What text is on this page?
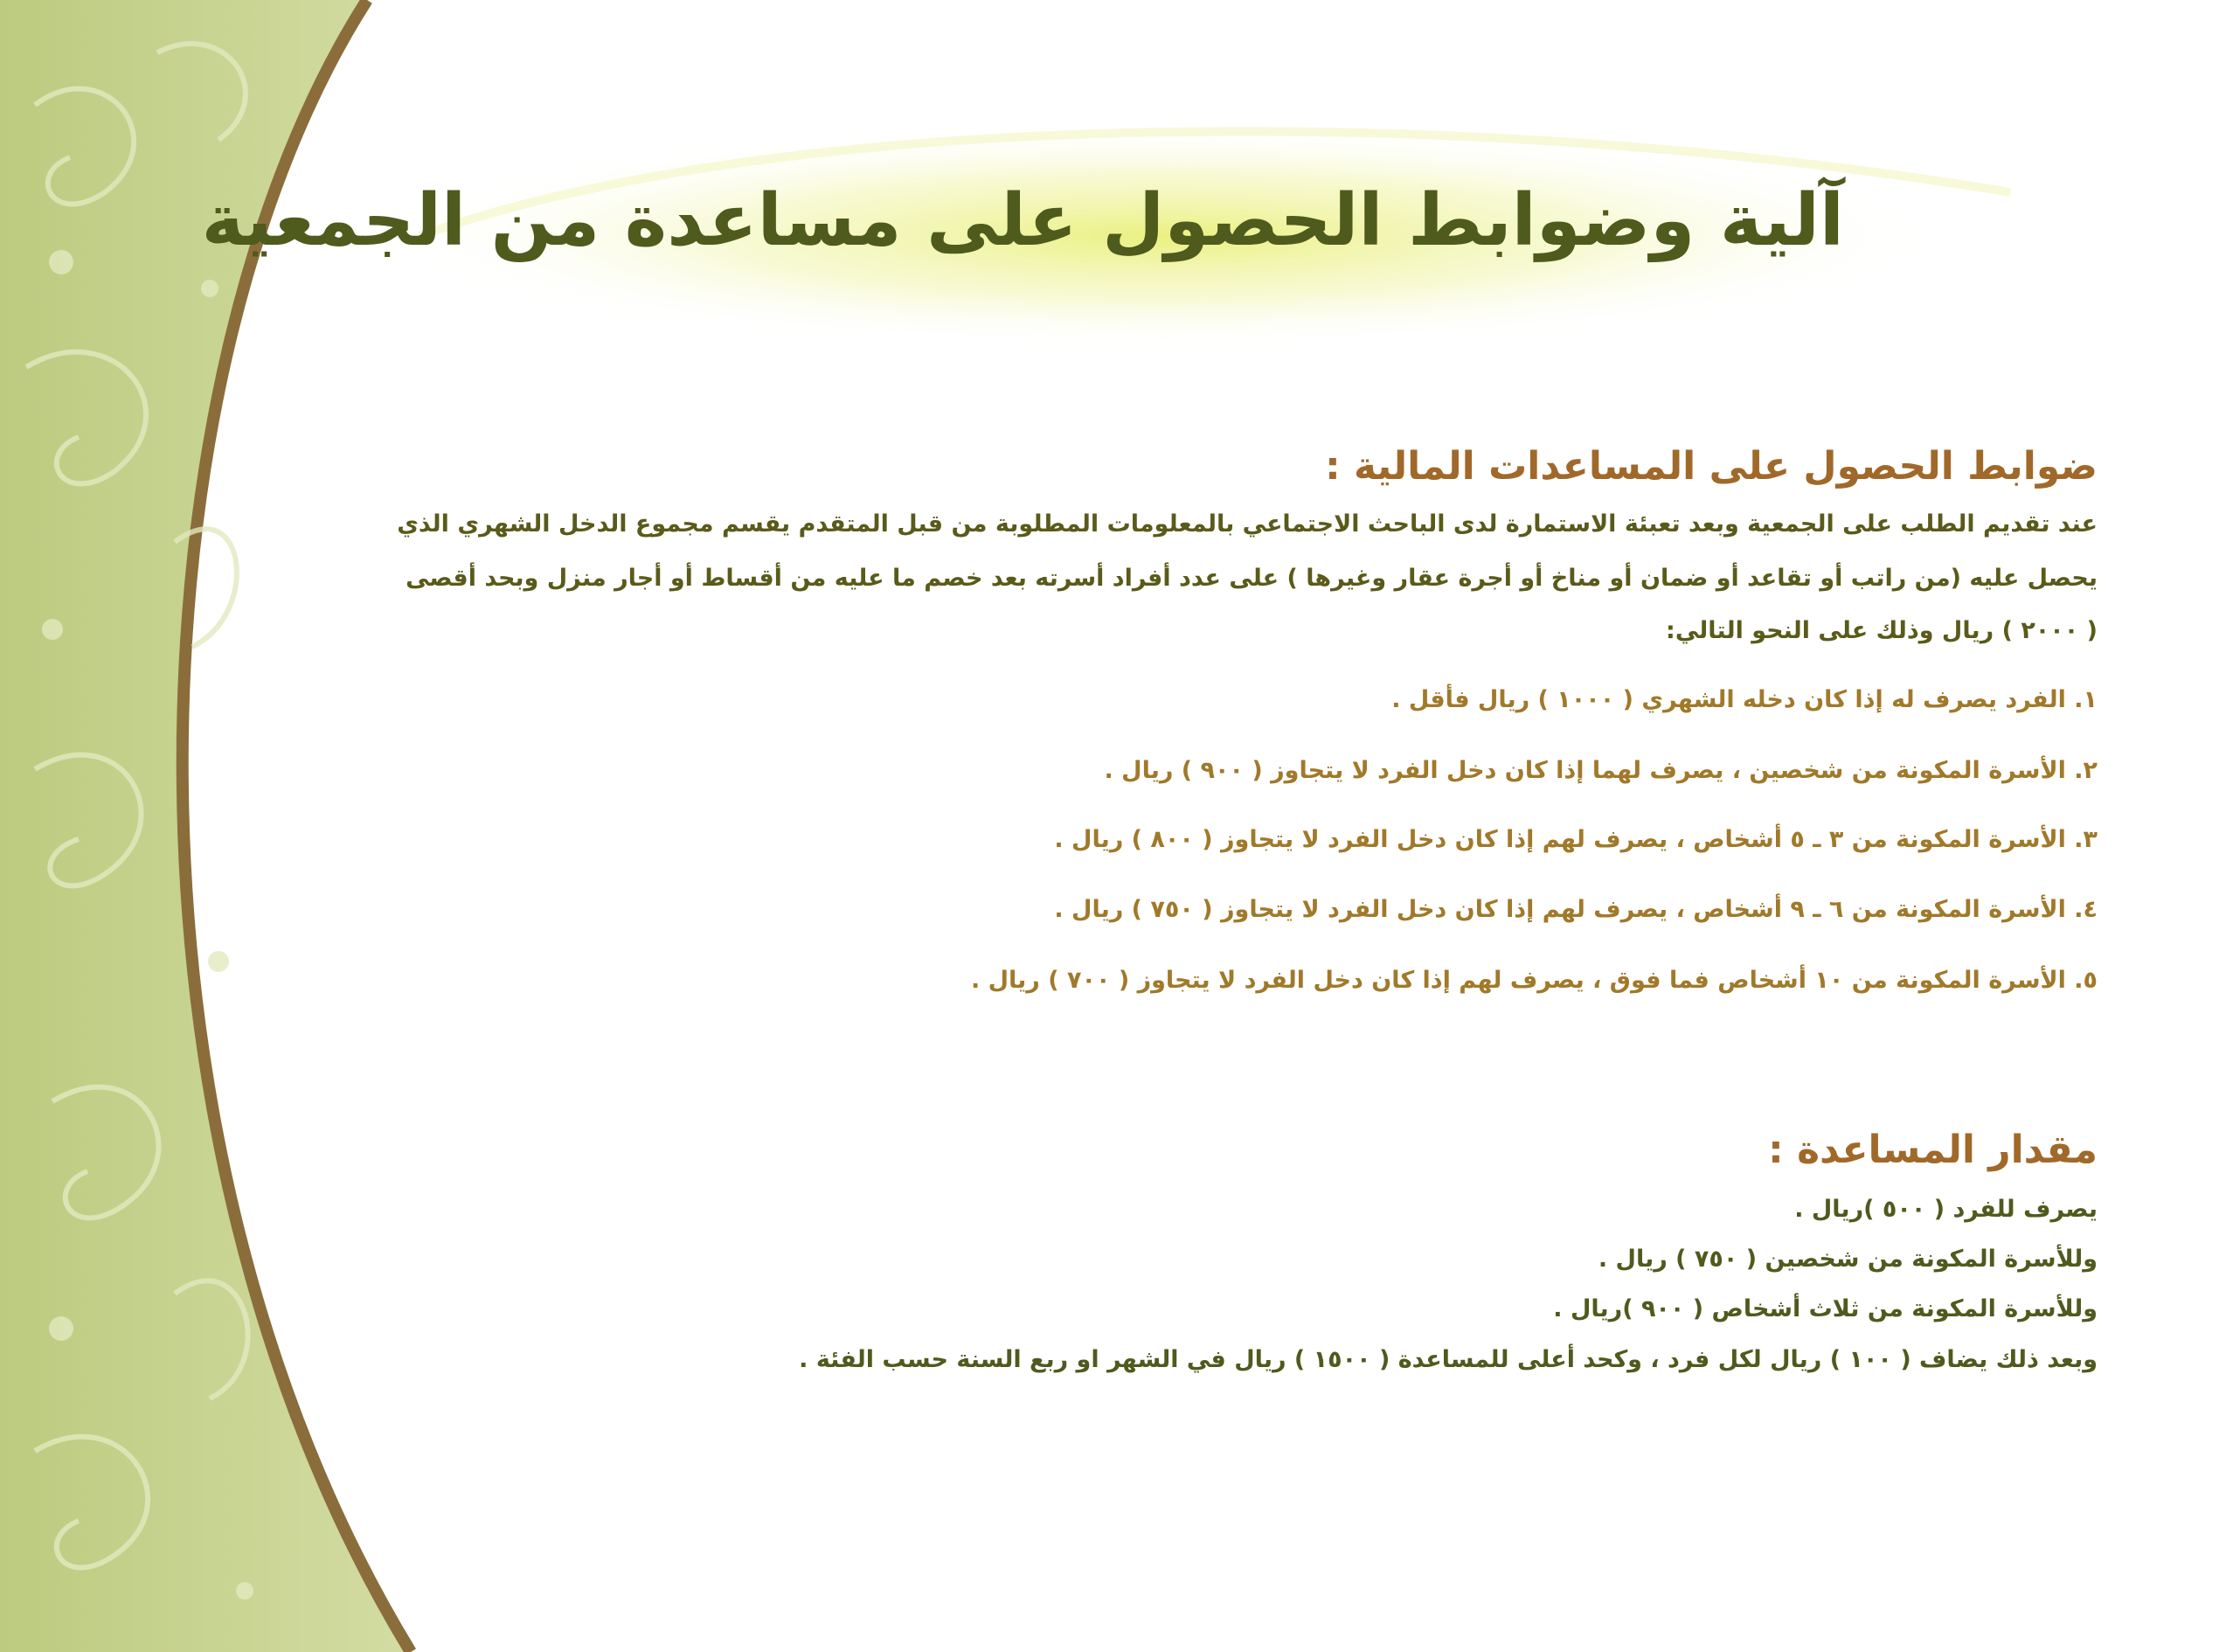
آلية وضوابط الحصول على مساعدة من الجمعية
ضوابط الحصول على المساعدات المالية :
عند تقديم الطلب على الجمعية وبعد تعبئة الاستمارة لدى الباحث الاجتماعي بالمعلومات المطلوبة من قبل المتقدم يقسم مجموع الدخل الشهري الذي
يحصل عليه (من راتب أو تقاعد أو ضمان أو مناخ أو أجرة عقار وغيرها ) على عدد أفراد أسرته بعد خصم ما عليه من أقساط أو أجار منزل وبحد أقصى
( ٢٠٠٠ ) ريال وذلك على النحو التالي:
١. الفرد يصرف له إذا كان دخله الشهري ( ١٠٠٠ ) ريال فأقل .
٢. الأسرة المكونة من شخصين ، يصرف لهما إذا كان دخل الفرد لا يتجاوز ( ٩٠٠ ) ريال .
٣. الأسرة المكونة من ٣ ـ ٥ أشخاص ، يصرف لهم إذا كان دخل الفرد لا يتجاوز ( ٨٠٠ ) ريال .
٤. الأسرة المكونة من ٦ ـ ٩ أشخاص ، يصرف لهم إذا كان دخل الفرد لا يتجاوز ( ٧٥٠ ) ريال .
٥. الأسرة المكونة من ١٠ أشخاص فما فوق ، يصرف لهم إذا كان دخل الفرد لا يتجاوز ( ٧٠٠ ) ريال .
مقدار المساعدة :
يصرف للفرد ( ٥٠٠ )ريال .
وللأسرة المكونة من شخصين ( ٧٥٠ ) ريال .
وللأسرة المكونة من ثلاث أشخاص ( ٩٠٠ )ريال .
وبعد ذلك يضاف ( ١٠٠ ) ريال لكل فرد ، وكحد أعلى للمساعدة ( ١٥٠٠ ) ريال في الشهر او ربع السنة حسب الفئة .
